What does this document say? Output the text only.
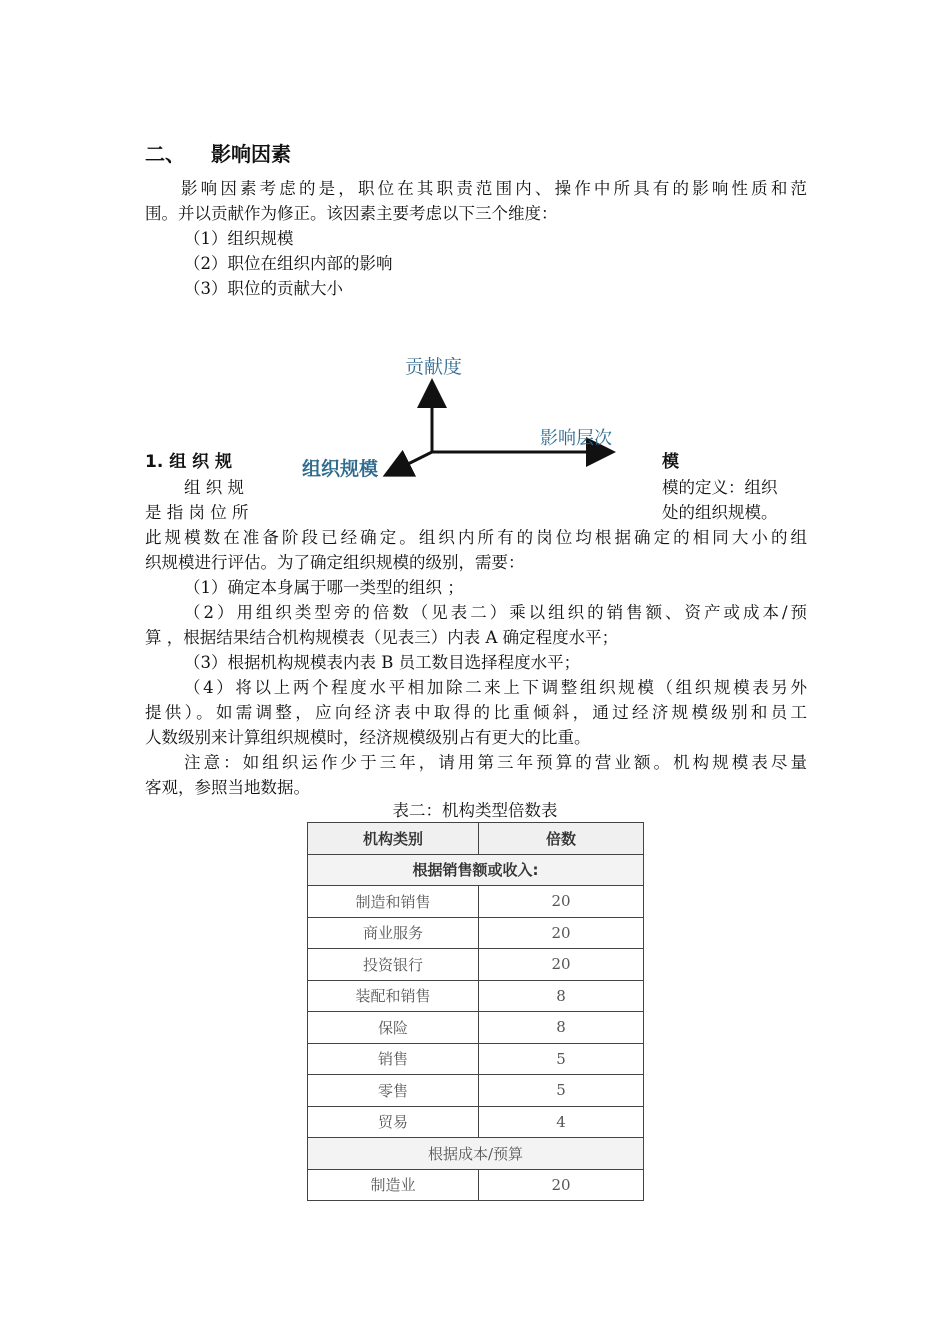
二、 影响因素
影响因素考虑的是，职位在其职责范围内、操作中所具有的影响性质和范
围。并以贡献作为修正。该因素主要考虑以下三个维度：
（1）组织规模
（2）职位在组织内部的影响
（3）职位的贡献大小
贡献度
影响层次
组织规模
1. 组 织 规	模
组 织 规	模的定义：组织
是 指 岗 位 所	处的组织规模。
此规模数在准备阶段已经确定。组织内所有的岗位均根据确定的相同大小的组
织规模进行评估。为了确定组织规模的级别，需要：
（1）确定本身属于哪一类型的组织 ；
（2）用组织类型旁的倍数（见表二）乘以组织的销售额、资产或成本/预
算 ，根据结果结合机构规模表（见表三）内表 A 确定程度水平；
（3）根据机构规模表内表 B 员工数目选择程度水平；
（4）将以上两个程度水平相加除二来上下调整组织规模（组织规模表另外
提供）。如需调整，应向经济表中取得的比重倾斜，通过经济规模级别和员工
人数级别来计算组织规模时，经济规模级别占有更大的比重。
注意：如组织运作少于三年，请用第三年预算的营业额。机构规模表尽量
客观，参照当地数据。
表二：机构类型倍数表
机构类别	倍数
根据销售额或收入:	
制造和销售	20
商业服务	20
投资银行	20
装配和销售	8
保险	8
销售	5
零售	5
贸易	4
根据成本/预算	
制造业	20
